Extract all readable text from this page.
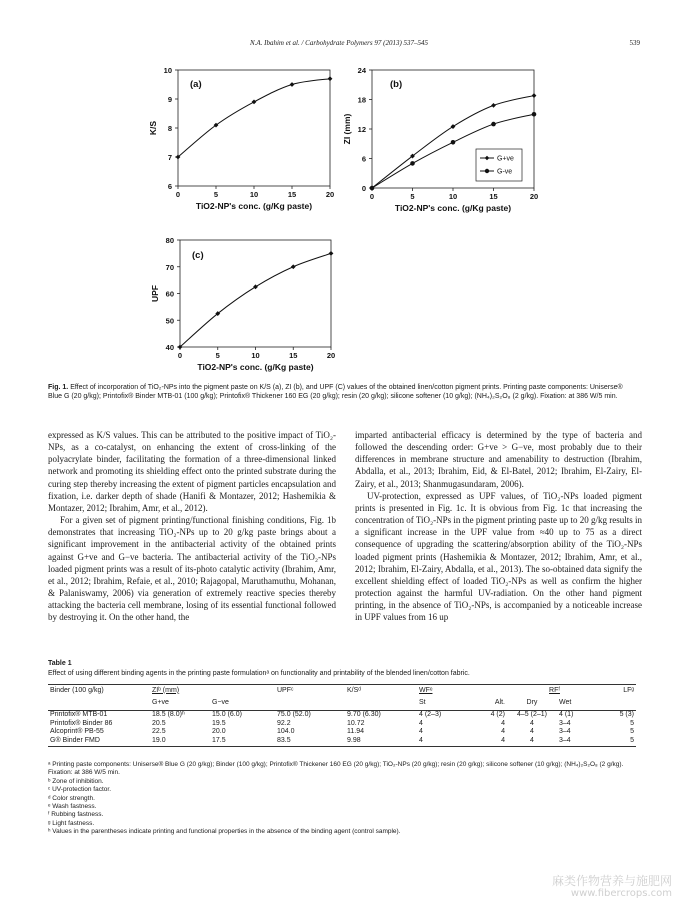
N.A. Ibahim et al. / Carbohydrate Polymers 97 (2013) 537–545	539
6
7
8
9
10
0	5	10	15	20
TiO2-NP's conc. (g/Kg paste)
K/S
(a)
0
6
12
18
24
0	5	10	15	20
TiO2-NP's conc. (g/Kg paste)
ZI (mm)
(b)
G+ve
G-ve
40
50
60
70
80
0	5	10	15	20
TiO2-NP's conc. (g/Kg paste)
UPF
(c)
Fig. 1. Effect of incorporation of TiO₂-NPs into the pigment paste on K/S (a), ZI (b), and UPF (C) values of the obtained linen/cotton pigment prints. Printing paste components: Uniserse® Blue G (20 g/kg); Printofix® Binder MTB-01 (100 g/kg); Printofix® Thickener 160 EG (20 g/kg); resin (20 g/kg); silicone softener (10 g/kg); (NH₄)₂S₂O₈ (2 g/kg). Fixation: at 386 W/5 min.

expressed as K/S values. This can be attributed to the positive impact of TiO₂-NPs, as a co-catalyst, on enhancing the extent of cross-linking of the polyacrylate binder, facilitating the formation of a three-dimensional linked network and promoting its shielding effect onto the printed substrate during the curing step thereby increasing the extent of pigment particles encapsulation and fixation, i.e. darker depth of shade (Hanifi & Montazer, 2012; Hashemikia & Montazer, 2012; Ibrahim, Amr, et al., 2012).

For a given set of pigment printing/functional finishing conditions, Fig. 1b demonstrates that increasing TiO₂-NPs up to 20 g/kg paste brings about a significant improvement in the antibacterial activity of the obtained prints against G+ve and G−ve bacteria. The antibacterial activity of the TiO₂-NPs loaded pigment prints was a result of its-photo catalytic activity (Ibrahim, Amr, et al., 2012; Ibrahim, Refaie, et al., 2010; Rajagopal, Maruthamuthu, Mohanan, & Palaniswamy, 2006) via generation of extremely reactive species thereby attacking the bacteria cell membrane, losing of its essential functional followed by destroying it. On the other hand, the

imparted antibacterial efficacy is determined by the type of bacteria and followed the descending order: G+ve > G−ve, most probably due to their differences in membrane structure and amenability to destruction (Ibrahim, Abdalla, et al., 2013; Ibrahim, Eid, & El-Batel, 2012; Ibrahim, El-Zairy, El-Zairy, et al., 2013; Shanmugasundaram, 2006).

UV-protection, expressed as UPF values, of TiO₂-NPs loaded pigment prints is presented in Fig. 1c. It is obvious from Fig. 1c that increasing the concentration of TiO₂-NPs in the pigment printing paste up to 20 g/kg results in a significant increase in the UPF value from ≈40 up to 75 as a direct consequence of upgrading the scattering/absorption ability of the TiO₂-NPs loaded pigment prints (Hashemikia & Montazer, 2012; Ibrahim, Amr, et al., 2012; Ibrahim, El-Zairy, Abdalla, et al., 2013). The so-obtained data signify the excellent shielding effect of loaded TiO₂-NPs as well as confirm the higher protection against the harmful UV-radiation. On the other hand pigment printing, in the absence of TiO₂-NPs, is accompanied by a noticeable increase in UPF values from 16 up

Table 1
Effect of using different binding agents in the printing paste formulationᵃ on functionality and printability of the blended linen/cotton fabric.
Binder (100 g/kg)	ZIᵇ (mm)		UPFᶜ	K/Sᵈ	WFᵉ		RFᶠ		LFᵍ
	G+ve	G−ve			St	Alt.	Dry	Wet	
Printofix® MTB-01	18.5 (8.0)ʰ	15.0 (6.0)	75.0 (52.0)	9.70 (6.30)	4 (2–3)	4 (2)	4–5 (2–1)	4 (1)	5 (3)
Printofix® Binder 86	20.5	19.5	92.2	10.72	4	4	4	3–4	5
Alcoprint® PB-55	22.5	20.0	104.0	11.94	4	4	4	3–4	5
G® Binder FMD	19.0	17.5	83.5	9.98	4	4	4	3–4	5
ᵃ Printing paste components: Uniserse® Blue G (20 g/kg); Binder (100 g/kg); Printofix® Thickener 160 EG (20 g/kg); TiO₂-NPs (20 g/kg); resin (20 g/kg); silicone softener (10 g/kg); (NH₄)₂S₂O₈ (2 g/kg). Fixation: at 386 W/5 min.
ᵇ Zone of inhibition.
ᶜ UV-protection factor.
ᵈ Color strength.
ᵉ Wash fastness.
ᶠ Rubbing fastness.
ᵍ Light fastness.
ʰ Values in the parentheses indicate printing and functional properties in the absence of the binding agent (control sample).
麻类作物营养与施肥网
www.fibercrops.com
